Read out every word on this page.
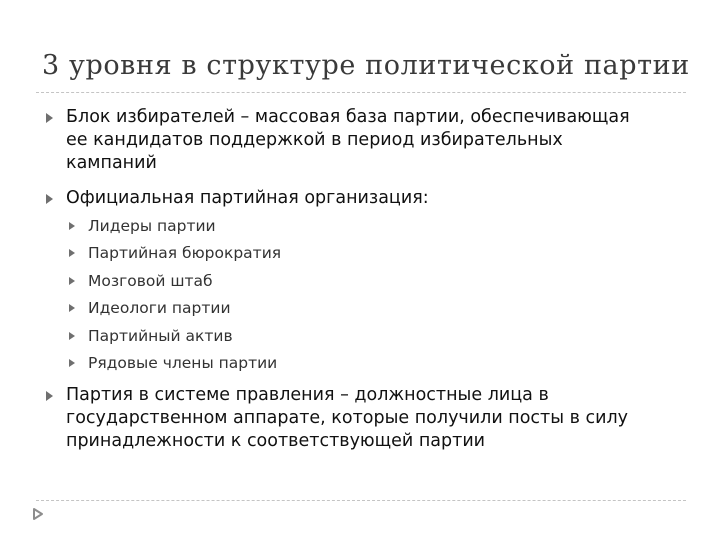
3 уровня в структуре политической партии
Блок избирателей – массовая база партии, обеспечивающая ее кандидатов поддержкой в период избирательных кампаний
Официальная партийная организация:
Лидеры партии
Партийная бюрократия
Мозговой штаб
Идеологи партии
Партийный актив
Рядовые члены партии
Партия в системе правления – должностные лица в государственном аппарате, которые получили посты в силу принадлежности к соответствующей партии
